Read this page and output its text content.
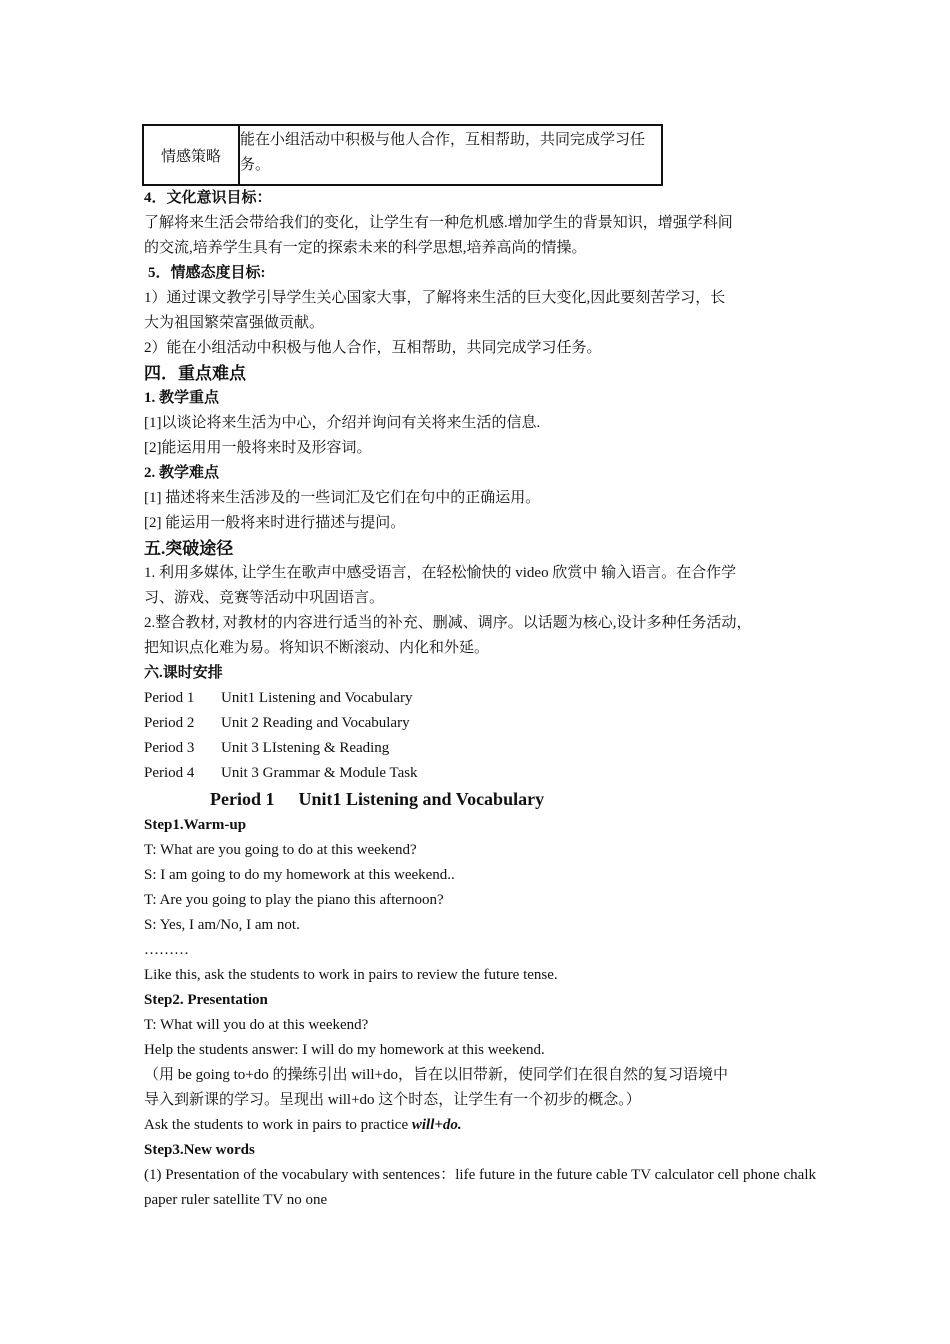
情感策略	能在小组活动中积极与他人合作，互相帮助，共同完成学习任务。
4．文化意识目标：
了解将来生活会带给我们的变化，让学生有一种危机感.增加学生的背景知识，增强学科间
的交流,培养学生具有一定的探索未来的科学思想,培养高尚的情操。
5．情感态度目标:
1）通过课文教学引导学生关心国家大事，了解将来生活的巨大变化,因此要刻苦学习，长
大为祖国繁荣富强做贡献。
2）能在小组活动中积极与他人合作，互相帮助，共同完成学习任务。
四．重点难点
1. 教学重点
[1]以谈论将来生活为中心，介绍并询问有关将来生活的信息.
[2]能运用用一般将来时及形容词。
2. 教学难点
[1] 描述将来生活涉及的一些词汇及它们在句中的正确运用。
[2] 能运用一般将来时进行描述与提问。
五.突破途径
1. 利用多媒体, 让学生在歌声中感受语言，在轻松愉快的 video 欣赏中 输入语言。在合作学
习、游戏、竞赛等活动中巩固语言。
2.整合教材, 对教材的内容进行适当的补充、删减、调序。以话题为核心,设计多种任务活动，
把知识点化难为易。将知识不断滚动、内化和外延。
六.课时安排
Period 1	Unit1 Listening and Vocabulary
Period 2	Unit 2 Reading and Vocabulary
Period 3	Unit 3 LIstening & Reading
Period 4	Unit 3 Grammar & Module Task
Period 1 Unit1 Listening and Vocabulary
Step1.Warm-up
T: What are you going to do at this weekend?
S: I am going to do my homework at this weekend..
T: Are you going to play the piano this afternoon?
S: Yes, I am/No, I am not.
………
Like this, ask the students to work in pairs to review the future tense.
Step2. Presentation
T: What will you do at this weekend?
Help the students answer: I will do my homework at this weekend.
（用 be going to+do 的操练引出 will+do，旨在以旧带新，使同学们在很自然的复习语境中
导入到新课的学习。呈现出 will+do 这个时态，让学生有一个初步的概念。）
Ask the students to work in pairs to practice will+do.
Step3.New words
(1) Presentation of the vocabulary with sentences：life future in the future cable TV calculator cell phone chalk paper ruler satellite TV no one
